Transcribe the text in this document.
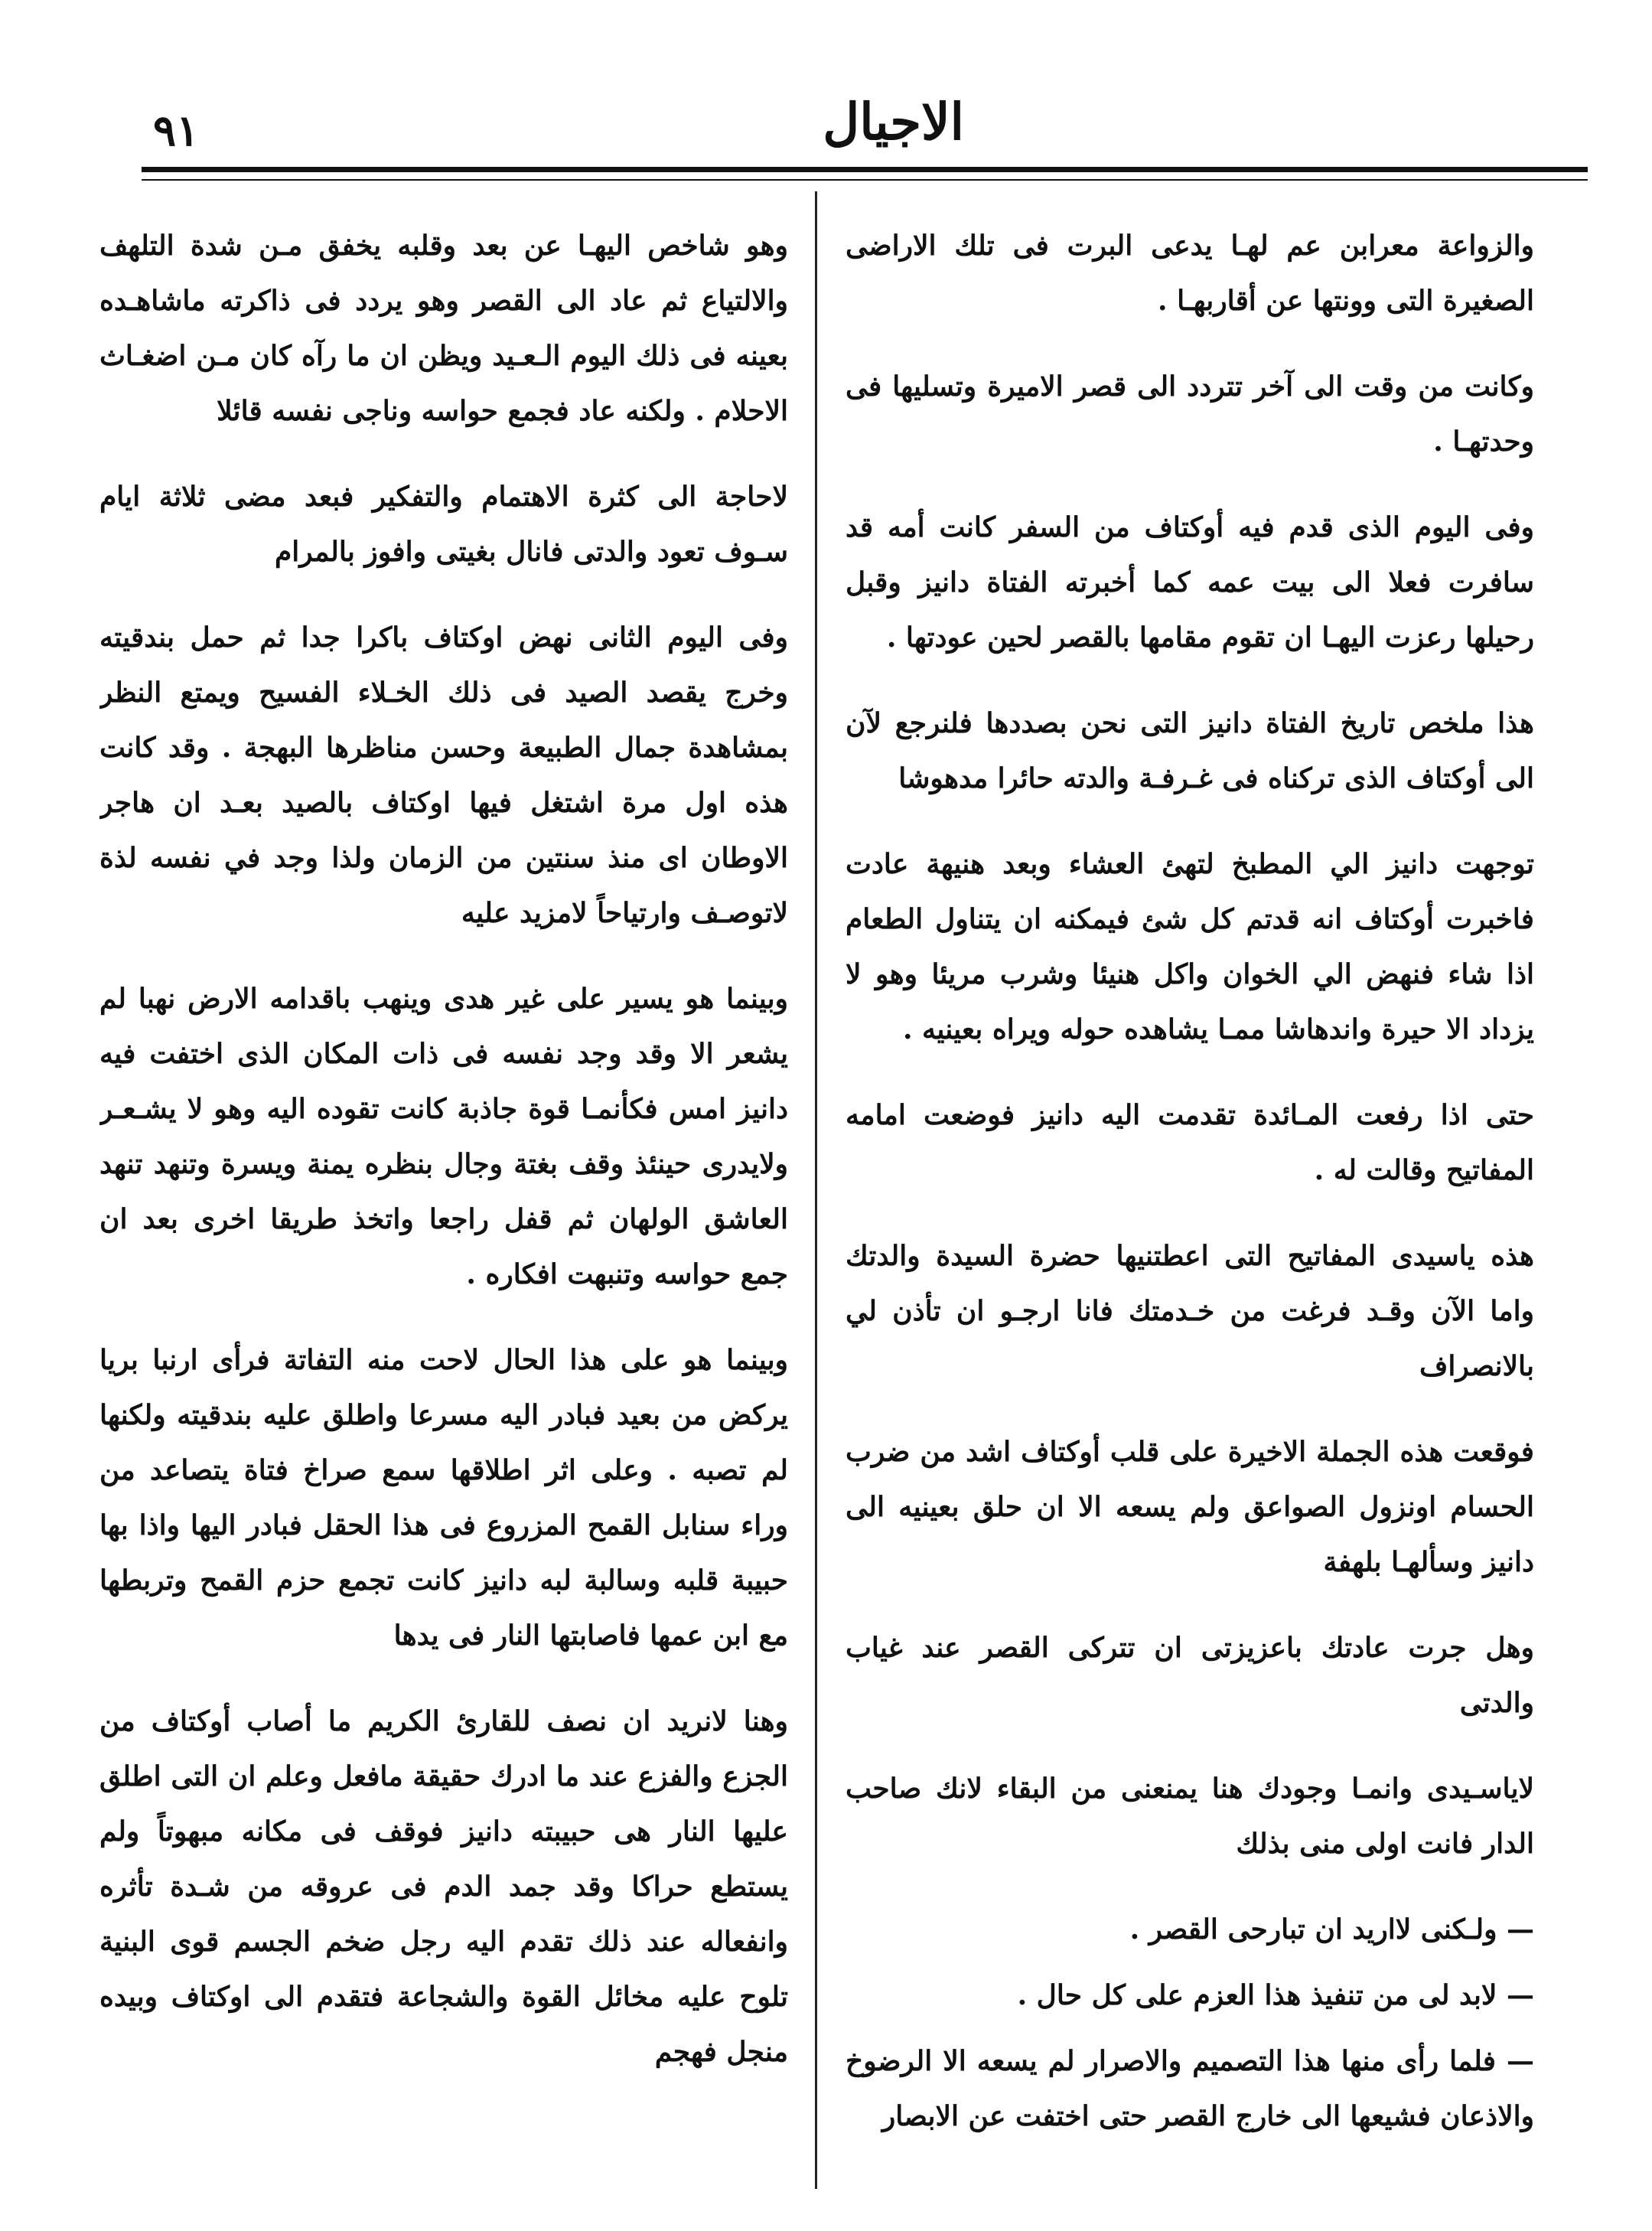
الاجيال
٩١

والزواعة معرابن عم لهـا يدعى البرت فى تلك الاراضى الصغيرة التى وونتها عن أقاربهـا .

وكانت من وقت الى آخر تتردد الى قصر الاميرة وتسليها فى وحدتهـا .

وفى اليوم الذى قدم فيه أوكتاف من السفر كانت أمه قد سافرت فعلا الى بيت عمه كما أخبرته الفتاة دانيز وقبل رحيلها رعزت اليهـا ان تقوم مقامها بالقصر لحين عودتها .

هذا ملخص تاريخ الفتاة دانيز التى نحن بصددها فلنرجع لآن الى أوكتاف الذى تركناه فى غـرفـة والدته حائرا مدهوشا

توجهت دانيز الي المطبخ لتهئ العشاء وبعد هنيهة عادت فاخبرت أوكتاف انه قدتم كل شئ فيمكنه ان يتناول الطعام اذا شاء فنهض الي الخوان واكل هنيئا وشرب مريئا وهو لا يزداد الا حيرة واندهاشا ممـا يشاهده حوله ويراه بعينيه .

حتى اذا رفعت المـائدة تقدمت اليه دانيز فوضعت امامه المفاتيح وقالت له .

هذه ياسيدى المفاتيح التى اعطتنيها حضرة السيدة والدتك واما الآن وقـد فرغت من خـدمتك فانا ارجـو ان تأذن لي بالانصراف

فوقعت هذه الجملة الاخيرة على قلب أوكتاف اشد من ضرب الحسام اونزول الصواعق ولم يسعه الا ان حلق بعينيه الى دانيز وسألهـا بلهفة

وهل جرت عادتك باعزيزتى ان تتركى القصر عند غياب والدتى

لاياسـيدى وانمـا وجودك هنا يمنعنى من البقاء لانك صاحب الدار فانت اولى منى بذلك

— ولـكنى لااريد ان تبارحى القصر .

— لابد لى من تنفيذ هذا العزم على كل حال .

— فلما رأى منها هذا التصميم والاصرار لم يسعه الا الرضوخ والاذعان فشيعها الى خارج القصر حتى اختفت عن الابصار

وهو شاخص اليهـا عن بعد وقلبه يخفق مـن شدة التلهف والالتياع ثم عاد الى القصر وهو يردد فى ذاكرته ماشاهـده بعينه فى ذلك اليوم الـعـيد ويظن ان ما رآه كان مـن اضغـاث الاحلام . ولكنه عاد فجمع حواسه وناجى نفسه قائلا

لاحاجة الى كثرة الاهتمام والتفكير فبعد مضى ثلاثة ايام سـوف تعود والدتى فانال بغيتى وافوز بالمرام

وفى اليوم الثانى نهض اوكتاف باكرا جدا ثم حمل بندقيته وخرج يقصد الصيد فى ذلك الخـلاء الفسيح ويمتع النظر بمشاهدة جمال الطبيعة وحسن مناظرها البهجة . وقد كانت هذه اول مرة اشتغل فيها اوكتاف بالصيد بعـد ان هاجر الاوطان اى منذ سنتين من الزمان ولذا وجد في نفسه لذة لاتوصـف وارتياحاً لامزيد عليه

وبينما هو يسير على غير هدى وينهب باقدامه الارض نهبا لم يشعر الا وقد وجد نفسه فى ذات المكان الذى اختفت فيه دانيز امس فكأنمـا قوة جاذبة كانت تقوده اليه وهو لا يشـعـر ولايدرى حينئذ وقف بغتة وجال بنظره يمنة ويسرة وتنهد تنهد العاشق الولهان ثم قفل راجعا واتخذ طريقا اخرى بعد ان جمع حواسه وتنبهت افكاره .

وبينما هو على هذا الحال لاحت منه التفاتة فرأى ارنبا بريا يركض من بعيد فبادر اليه مسرعا واطلق عليه بندقيته ولكنها لم تصبه . وعلى اثر اطلاقها سمع صراخ فتاة يتصاعد من وراء سنابل القمح المزروع فى هذا الحقل فبادر اليها واذا بها حبيبة قلبه وسالبة لبه دانيز كانت تجمع حزم القمح وتربطها مع ابن عمها فاصابتها النار فى يدها

وهنا لانريد ان نصف للقارئ الكريم ما أصاب أوكتاف من الجزع والفزع عند ما ادرك حقيقة مافعل وعلم ان التى اطلق عليها النار هى حبيبته دانيز فوقف فى مكانه مبهوتاً ولم يستطع حراكا وقد جمد الدم فى عروقه من شـدة تأثره وانفعاله عند ذلك تقدم اليه رجل ضخم الجسم قوى البنية تلوح عليه مخائل القوة والشجاعة فتقدم الى اوكتاف وبيده منجل فهجم
